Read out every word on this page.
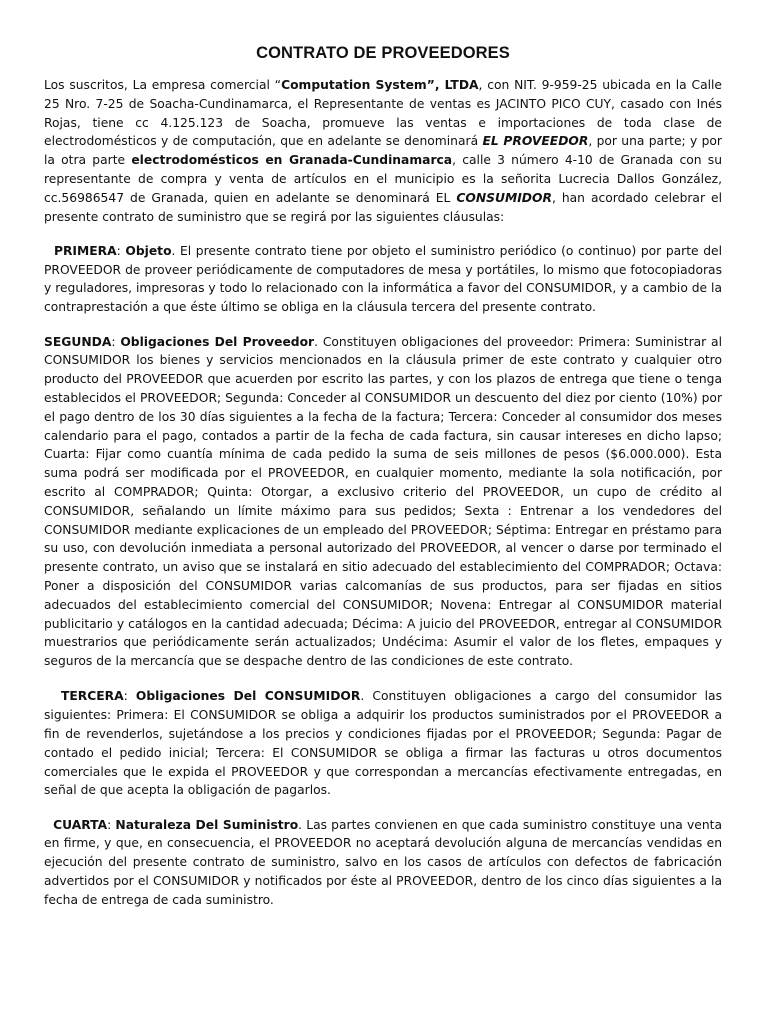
CONTRATO DE PROVEEDORES

Los suscritos, La empresa comercial “Computation System”, LTDA, con NIT. 9-959-25 ubicada en la Calle 25 Nro. 7-25 de Soacha-Cundinamarca, el Representante de ventas es JACINTO PICO CUY, casado con Inés Rojas, tiene cc 4.125.123 de Soacha, promueve las ventas e importaciones de toda clase de electrodomésticos y de computación, que en adelante se denominará EL PROVEEDOR, por una parte; y por la otra parte electrodomésticos en Granada-Cundinamarca, calle 3 número 4-10 de Granada con su representante de compra y venta de artículos en el municipio es la señorita Lucrecia Dallos González, cc.56986547 de Granada, quien en adelante se denominará EL CONSUMIDOR, han acordado celebrar el presente contrato de suministro que se regirá por las siguientes cláusulas:

PRIMERA: Objeto. El presente contrato tiene por objeto el suministro periódico (o continuo) por parte del PROVEEDOR de proveer periódicamente de computadores de mesa y portátiles, lo mismo que fotocopiadoras y reguladores, impresoras y todo lo relacionado con la informática a favor del CONSUMIDOR, y a cambio de la contraprestación a que éste último se obliga en la cláusula tercera del presente contrato.

SEGUNDA: Obligaciones Del Proveedor. Constituyen obligaciones del proveedor: Primera: Suministrar al CONSUMIDOR los bienes y servicios mencionados en la cláusula primer de este contrato y cualquier otro producto del PROVEEDOR que acuerden por escrito las partes, y con los plazos de entrega que tiene o tenga establecidos el PROVEEDOR; Segunda: Conceder al CONSUMIDOR un descuento del diez por ciento (10%) por el pago dentro de los 30 días siguientes a la fecha de la factura; Tercera: Conceder al consumidor dos meses calendario para el pago, contados a partir de la fecha de cada factura, sin causar intereses en dicho lapso; Cuarta: Fijar como cuantía mínima de cada pedido la suma de seis millones de pesos ($6.000.000). Esta suma podrá ser modificada por el PROVEEDOR, en cualquier momento, mediante la sola notificación, por escrito al COMPRADOR; Quinta: Otorgar, a exclusivo criterio del PROVEEDOR, un cupo de crédito al CONSUMIDOR, señalando un límite máximo para sus pedidos; Sexta : Entrenar a los vendedores del CONSUMIDOR mediante explicaciones de un empleado del PROVEEDOR; Séptima: Entregar en préstamo para su uso, con devolución inmediata a personal autorizado del PROVEEDOR, al vencer o darse por terminado el presente contrato, un aviso que se instalará en sitio adecuado del establecimiento del COMPRADOR; Octava: Poner a disposición del CONSUMIDOR varias calcomanías de sus productos, para ser fijadas en sitios adecuados del establecimiento comercial del CONSUMIDOR; Novena: Entregar al CONSUMIDOR material publicitario y catálogos en la cantidad adecuada; Décima: A juicio del PROVEEDOR, entregar al CONSUMIDOR muestrarios que periódicamente serán actualizados; Undécima: Asumir el valor de los fletes, empaques y seguros de la mercancía que se despache dentro de las condiciones de este contrato.

TERCERA: Obligaciones Del CONSUMIDOR. Constituyen obligaciones a cargo del consumidor las siguientes: Primera: El CONSUMIDOR se obliga a adquirir los productos suministrados por el PROVEEDOR a fin de revenderlos, sujetándose a los precios y condiciones fijadas por el PROVEEDOR; Segunda: Pagar de contado el pedido inicial; Tercera: El CONSUMIDOR se obliga a firmar las facturas u otros documentos comerciales que le expida el PROVEEDOR y que correspondan a mercancías efectivamente entregadas, en señal de que acepta la obligación de pagarlos.

CUARTA: Naturaleza Del Suministro. Las partes convienen en que cada suministro constituye una venta en firme, y que, en consecuencia, el PROVEEDOR no aceptará devolución alguna de mercancías vendidas en ejecución del presente contrato de suministro, salvo en los casos de artículos con defectos de fabricación advertidos por el CONSUMIDOR y notificados por éste al PROVEEDOR, dentro de los cinco días siguientes a la fecha de entrega de cada suministro.
